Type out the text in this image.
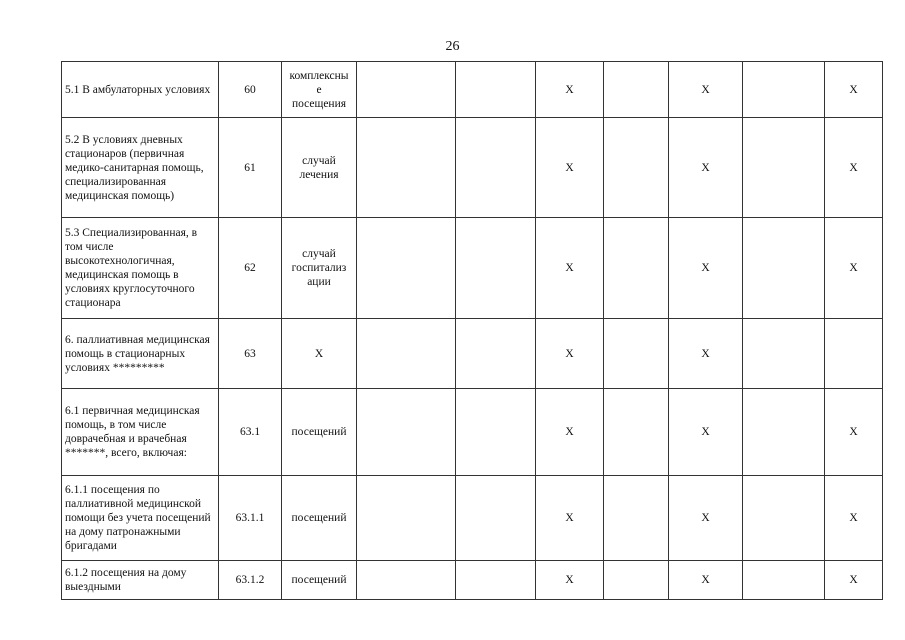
26
5.1 В амбулаторных условиях	60	комплексны
е
посещения			X		X		X
5.2 В условиях дневных стационаров (первичная медико-санитарная помощь, специализированная медицинская помощь)	61	случай
лечения			X		X		X
5.3 Специализированная, в том числе высокотехнологичная, медицинская помощь в условиях круглосуточного стационара	62	случай
госпитализ
ации			X		X		X
6. паллиативная медицинская помощь в стационарных условиях *********	63	X			X		X		
6.1 первичная медицинская помощь, в том числе доврачебная и врачебная *******, всего, включая:	63.1	посещений			X		X		X
6.1.1 посещения по паллиативной медицинской помощи без учета посещений на дому патронажными бригадами	63.1.1	посещений			X		X		X
6.1.2 посещения на дому выездными	63.1.2	посещений			X		X		X
